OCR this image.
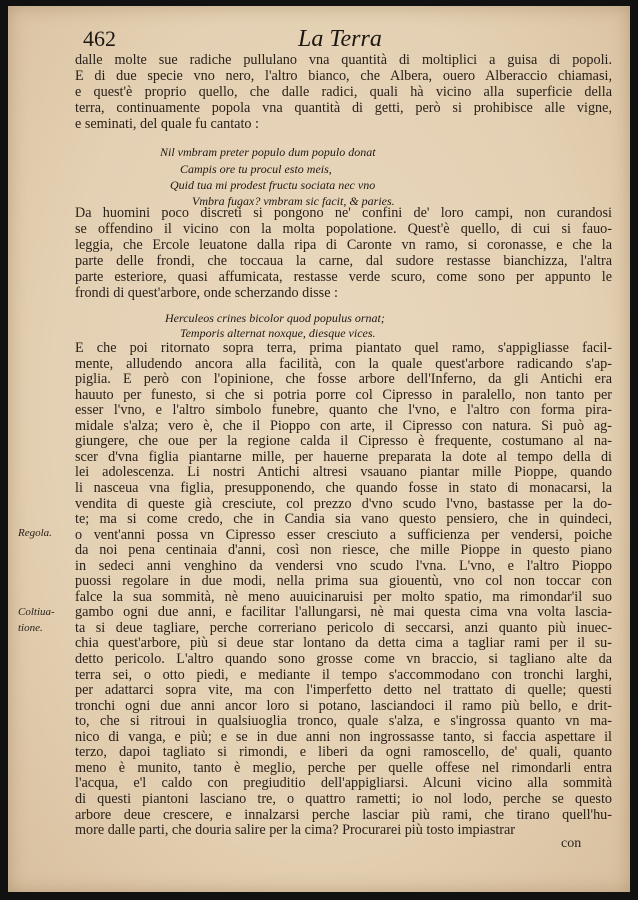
462	La Terra
dalle molte sue radiche pullulano vna quantità di moltiplici a guisa di popoli.
E di due specie vno nero, l'altro bianco, che Albera, ouero Alberaccio chiamasi,
e quest'è proprio quello, che dalle radici, quali hà vicino alla superficie della
terra, continuamente popola vna quantità di getti, però si prohibisce alle vigne,
e seminati, del quale fu cantato :
Nil vmbram preter populo dum populo donat
Campis ore tu procul esto meis,
Quid tua mi prodest fructu sociata nec vno
Vmbra fugax? vmbram sic facit, & paries.
Da huomini poco discreti si pongono ne' confini de' loro campi, non curandosi
se offendino il vicino con la molta popolatione. Quest'è quello, di cui si fauo-
leggia, che Ercole leuatone dalla ripa di Caronte vn ramo, si coronasse, e che la
parte delle frondi, che toccaua la carne, dal sudore restasse bianchizza, l'altra
parte esteriore, quasi affumicata, restasse verde scuro, come sono per appunto le
frondi di quest'arbore, onde scherzando disse :
Herculeos crines bicolor quod populus ornat;
Temporis alternat noxque, diesque vices.
E che poi ritornato sopra terra, prima piantato quel ramo, s'appigliasse facil-
mente, alludendo ancora alla facilità, con la quale quest'arbore radicando s'ap-
piglia. E però con l'opinione, che fosse arbore dell'Inferno, da gli Antichi era
hauuto per funesto, si che si potria porre col Cipresso in paralello, non tanto per
esser l'vno, e l'altro simbolo funebre, quanto che l'vno, e l'altro con forma pira-
midale s'alza; vero è, che il Pioppo con arte, il Cipresso con natura. Si può ag-
giungere, che oue per la regione calda il Cipresso è frequente, costumano al na-
scer d'vna figlia piantarne mille, per hauerne preparata la dote al tempo della di
lei adolescenza. Li nostri Antichi altresi vsauano piantar mille Pioppe, quando
li nasceua vna figlia, presupponendo, che quando fosse in stato di monacarsi, la
vendita di queste già cresciute, col prezzo d'vno scudo l'vno, bastasse per la do-
te; ma si come credo, che in Candia sia vano questo pensiero, che in quindeci,
o vent'anni possa vn Cipresso esser cresciuto a sufficienza per vendersi, poiche
da noi pena centinaia d'anni, così non riesce, che mille Pioppe in questo piano
in sedeci anni venghino da vendersi vno scudo l'vna. L'vno, e l'altro Pioppo
puossi regolare in due modi, nella prima sua giouentù, vno col non toccar con
falce la sua sommità, nè meno auuicinaruisi per molto spatio, ma rimondar'il suo
gambo ogni due anni, e facilitar l'allungarsi, nè mai questa cima vna volta lascia-
ta si deue tagliare, perche correriano pericolo di seccarsi, anzi quanto più inuec-
chia quest'arbore, più si deue star lontano da detta cima a tagliar rami per il su-
detto pericolo. L'altro quando sono grosse come vn braccio, si tagliano alte da
terra sei, o otto piedi, e mediante il tempo s'accommodano con tronchi larghi,
per adattarci sopra vite, ma con l'imperfetto detto nel trattato di quelle; questi
tronchi ogni due anni ancor loro si potano, lasciandoci il ramo più bello, e drit-
to, che si ritroui in qualsiuoglia tronco, quale s'alza, e s'ingrossa quanto vn ma-
nico di vanga, e più; e se in due anni non ingrossasse tanto, si faccia aspettare il
terzo, dapoi tagliato si rimondi, e liberi da ogni ramoscello, de' quali, quanto
meno è munito, tanto è meglio, perche per quelle offese nel rimondarli entra
l'acqua, e'l caldo con pregiuditio dell'appigliarsi. Alcuni vicino alla sommità
di questi piantoni lasciano tre, o quattro rametti; io nol lodo, perche se questo
arbore deue crescere, e innalzarsi perche lasciar più rami, che tirano quell'hu-
more dalle parti, che douria salire per la cima? Procurarei più tosto impiastrar
Regola.
Coltiua-
tione.
con
